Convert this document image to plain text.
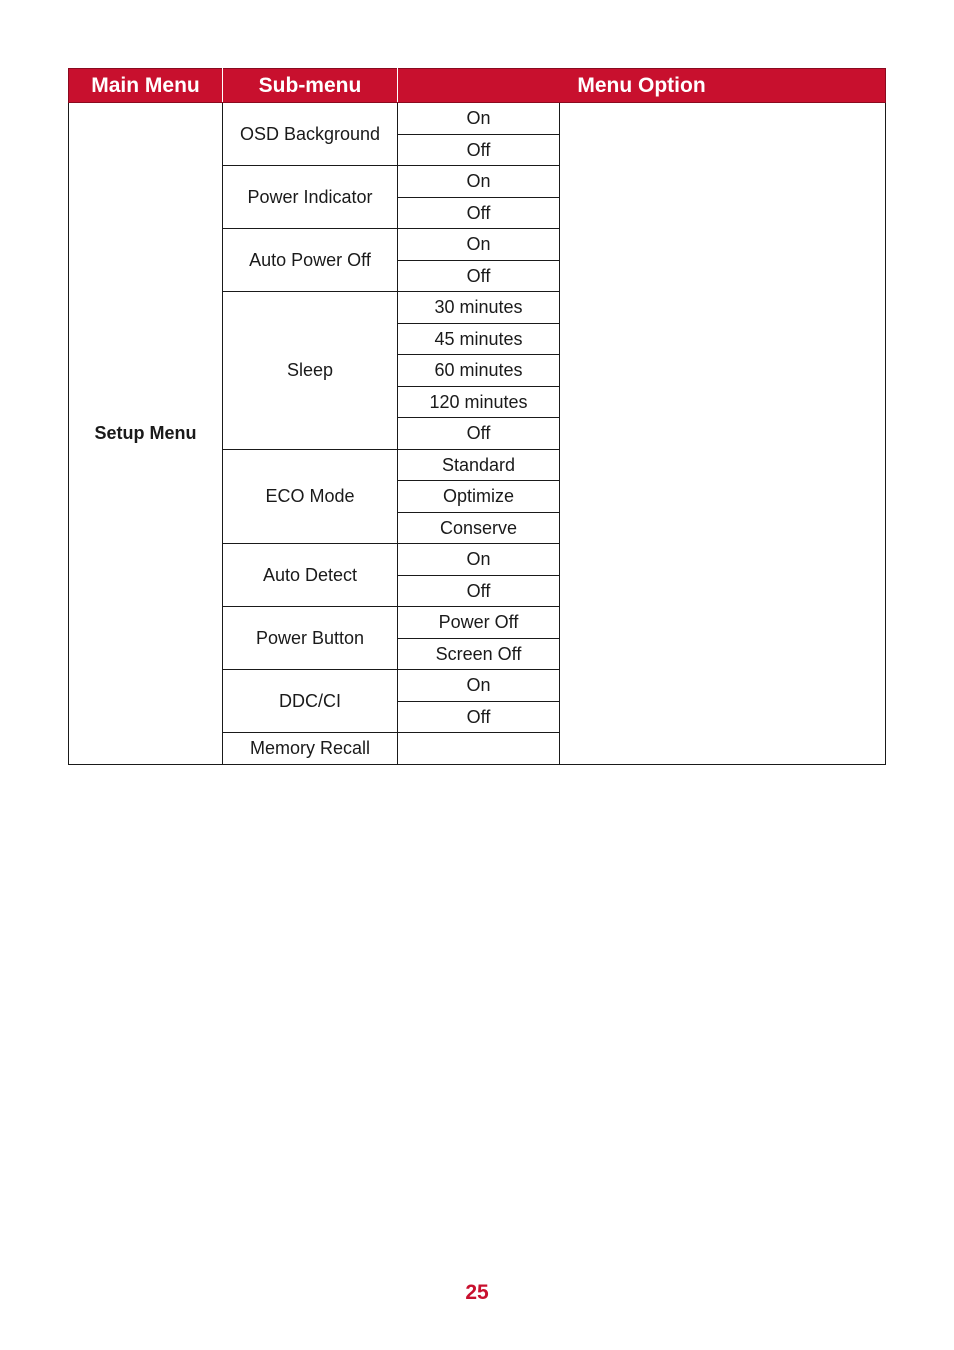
Main Menu	Sub-menu	Menu Option	
Setup Menu	OSD Background	On	
		Off	
	Power Indicator	On	
		Off	
	Auto Power Off	On	
		Off	
	Sleep	30 minutes	
		45 minutes	
		60 minutes	
		120 minutes	
		Off	
	ECO Mode	Standard	
		Optimize	
		Conserve	
	Auto Detect	On	
		Off	
	Power Button	Power Off	
		Screen Off	
	DDC/CI	On	
		Off	
	Memory Recall		
25
